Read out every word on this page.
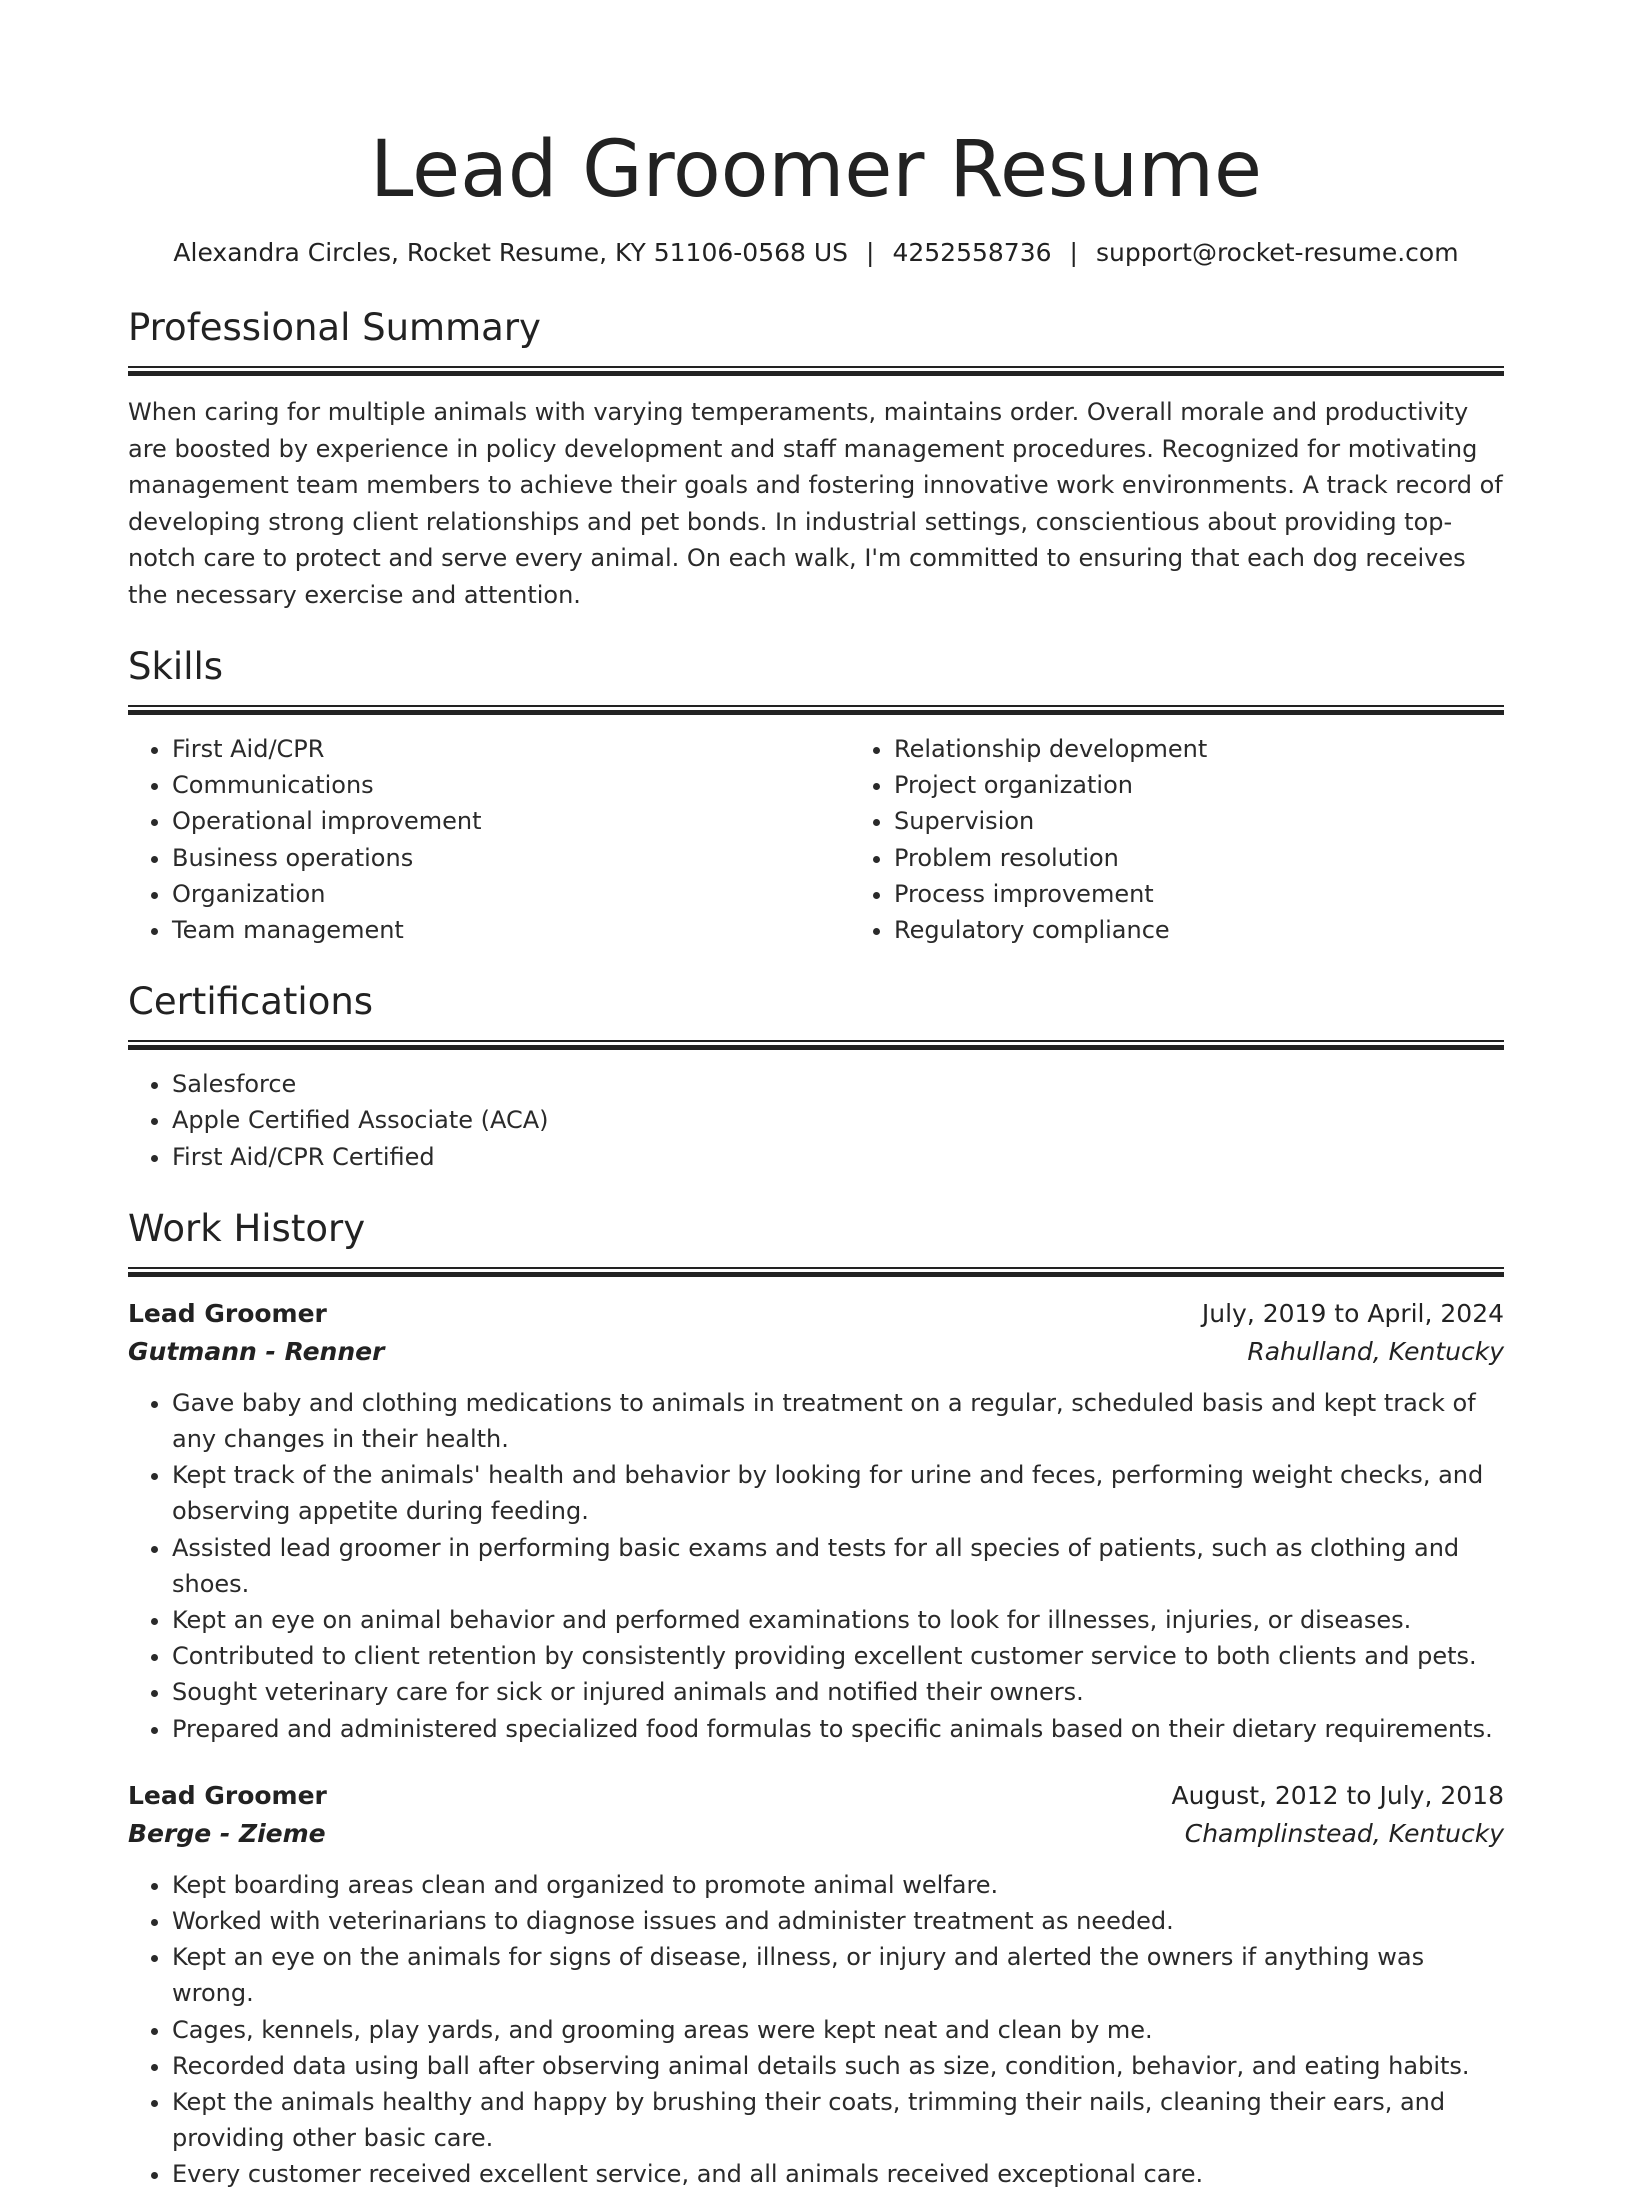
Lead Groomer Resume
Alexandra Circles, Rocket Resume, KY 51106-0568 US | 4252558736 | support@rocket-resume.com
Professional Summary

When caring for multiple animals with varying temperaments, maintains order. Overall morale and productivity are boosted by experience in policy development and staff management procedures. Recognized for motivating management team members to achieve their goals and fostering innovative work environments. A track record of developing strong client relationships and pet bonds. In industrial settings, conscientious about providing top-notch care to protect and serve every animal. On each walk, I'm committed to ensuring that each dog receives the necessary exercise and attention.

Skills
• First Aid/CPR
• Communications
• Operational improvement
• Business operations
• Organization
• Team management
• Relationship development
• Project organization
• Supervision
• Problem resolution
• Process improvement
• Regulatory compliance
Certifications
• Salesforce
• Apple Certified Associate (ACA)
• First Aid/CPR Certified
Work History
Lead Groomer	July, 2019 to April, 2024
Gutmann - Renner	Rahulland, Kentucky
• Gave baby and clothing medications to animals in treatment on a regular, scheduled basis and kept track of any changes in their health.
• Kept track of the animals' health and behavior by looking for urine and feces, performing weight checks, and observing appetite during feeding.
• Assisted lead groomer in performing basic exams and tests for all species of patients, such as clothing and shoes.
• Kept an eye on animal behavior and performed examinations to look for illnesses, injuries, or diseases.
• Contributed to client retention by consistently providing excellent customer service to both clients and pets.
• Sought veterinary care for sick or injured animals and notified their owners.
• Prepared and administered specialized food formulas to specific animals based on their dietary requirements.
Lead Groomer	August, 2012 to July, 2018
Berge - Zieme	Champlinstead, Kentucky
• Kept boarding areas clean and organized to promote animal welfare.
• Worked with veterinarians to diagnose issues and administer treatment as needed.
• Kept an eye on the animals for signs of disease, illness, or injury and alerted the owners if anything was wrong.
• Cages, kennels, play yards, and grooming areas were kept neat and clean by me.
• Recorded data using ball after observing animal details such as size, condition, behavior, and eating habits.
• Kept the animals healthy and happy by brushing their coats, trimming their nails, cleaning their ears, and providing other basic care.
• Every customer received excellent service, and all animals received exceptional care.
